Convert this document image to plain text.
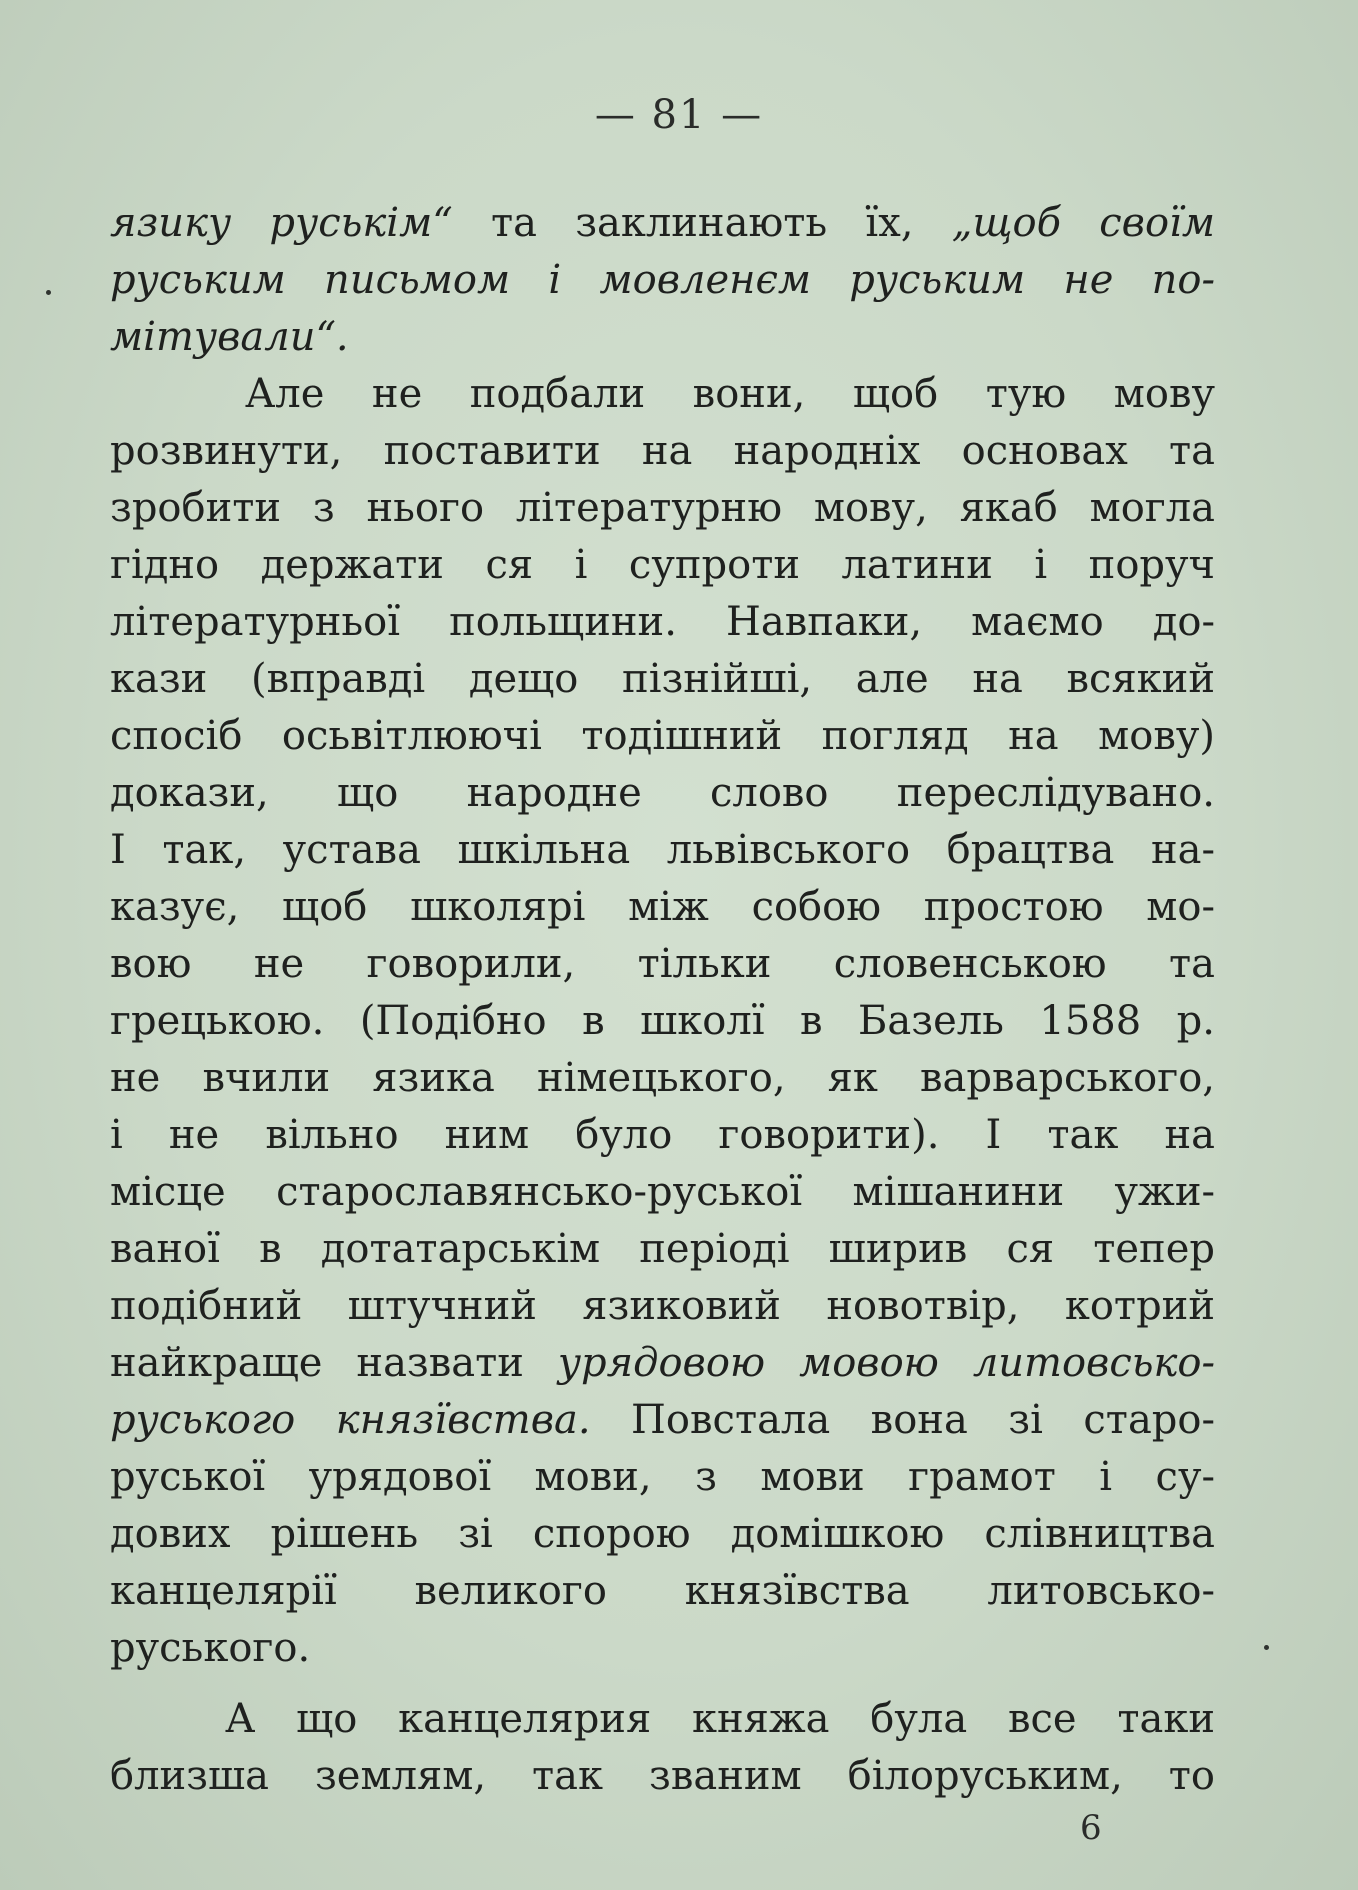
— 81 —
язику руськім“ та заклинають їх, „щоб своїм
руським письмом і мовленєм руським не по-
мітували“.
Але не подбали вони, щоб тую мову
розвинути, поставити на народніх основах та
зробити з нього літературню мову, якаб могла
гідно держати ся і супроти латини і поруч
літературньої польщини. Навпаки, маємо до-
кази (вправді дещо пізнійші, але на всякий
спосіб осьвітлюючі тодішний погляд на мову)
докази, що народне слово переслідувано.
І так, устава шкільна львівського брацтва на-
казує, щоб школярі між собою простою мо-
вою не говорили, тільки словенською та
грецькою. (Подібно в школї в Базель 1588 р.
не вчили язика німецького, як варварського,
і не вільно ним було говорити). І так на
місце старославянсько-руської мішанини ужи-
ваної в дотатарськім періоді ширив ся тепер
подібний штучний язиковий новотвір, котрий
найкраще назвати урядовою мовою литовсько-
руського князївства. Повстала вона зі старо-
руської урядової мови, з мови грамот і су-
дових рішень зі спорою домішкою слівництва
канцелярії великого князївства литовсько-
руського.
А що канцелярия княжа була все таки
близша землям, так званим білоруським, то
6
